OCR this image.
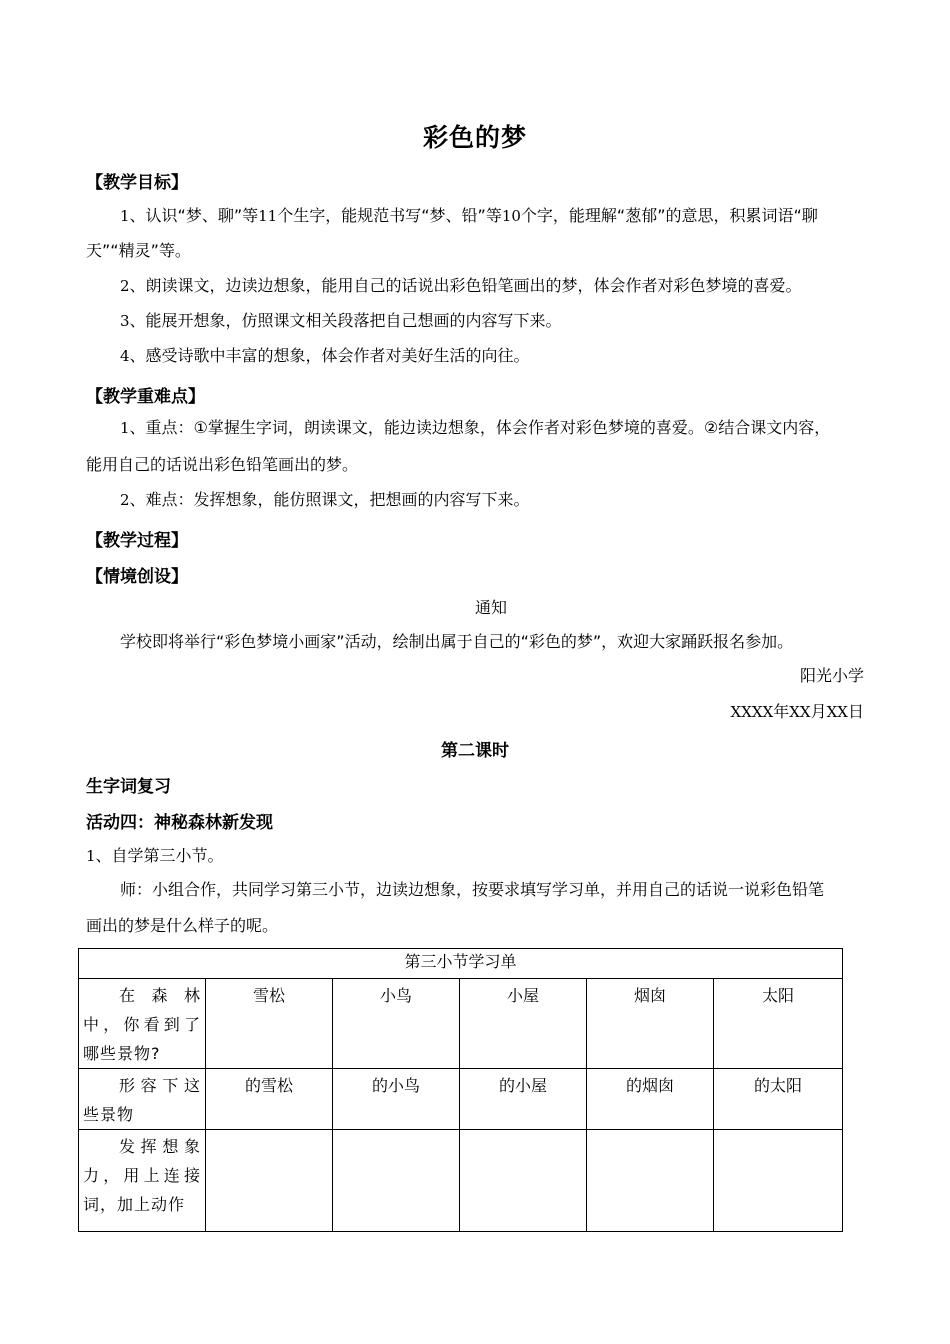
彩色的梦
【教学目标】
1、认识“梦、聊”等11个生字，能规范书写“梦、铅”等10个字，能理解“葱郁”的意思，积累词语“聊
天”“精灵”等。
2、朗读课文，边读边想象，能用自己的话说出彩色铅笔画出的梦，体会作者对彩色梦境的喜爱。
3、能展开想象，仿照课文相关段落把自己想画的内容写下来。
4、感受诗歌中丰富的想象，体会作者对美好生活的向往。
【教学重难点】
1、重点：①掌握生字词，朗读课文，能边读边想象，体会作者对彩色梦境的喜爱。②结合课文内容，
能用自己的话说出彩色铅笔画出的梦。
2、难点：发挥想象，能仿照课文，把想画的内容写下来。
【教学过程】
【情境创设】
通知
学校即将举行“彩色梦境小画家”活动，绘制出属于自己的“彩色的梦”，欢迎大家踊跃报名参加。
阳光小学
XXXX年XX月XX日
第二课时
生字词复习
活动四：神秘森林新发现
1、自学第三小节。
师：小组合作，共同学习第三小节，边读边想象，按要求填写学习单，并用自己的话说一说彩色铅笔
画出的梦是什么样子的呢。
第三小节学习单					
在森林中，你看到了哪些景物?	雪松	小鸟	小屋	烟囱	太阳
形容下这些景物	的雪松	的小鸟	的小屋	的烟囱	的太阳
发挥想象力，用上连接词，加上动作					
